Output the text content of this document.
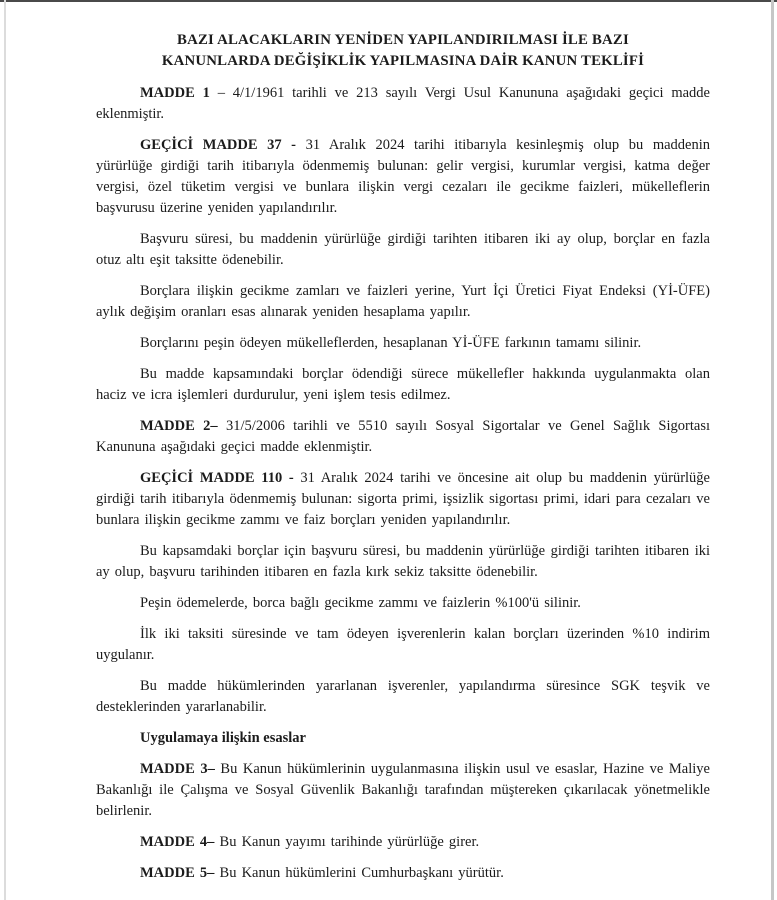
BAZI ALACAKLARIN YENİDEN YAPILANDIRILMASI İLE BAZI
KANUNLARDA DEĞİŞİKLİK YAPILMASINA DAİR KANUN TEKLİFİ

MADDE 1 – 4/1/1961 tarihli ve 213 sayılı Vergi Usul Kanununa aşağıdaki geçici madde eklenmiştir.

GEÇİCİ MADDE 37 - 31 Aralık 2024 tarihi itibarıyla kesinleşmiş olup bu maddenin yürürlüğe girdiği tarih itibarıyla ödenmemiş bulunan: gelir vergisi, kurumlar vergisi, katma değer vergisi, özel tüketim vergisi ve bunlara ilişkin vergi cezaları ile gecikme faizleri, mükelleflerin başvurusu üzerine yeniden yapılandırılır.

Başvuru süresi, bu maddenin yürürlüğe girdiği tarihten itibaren iki ay olup, borçlar en fazla otuz altı eşit taksitte ödenebilir.

Borçlara ilişkin gecikme zamları ve faizleri yerine, Yurt İçi Üretici Fiyat Endeksi (Yİ-ÜFE) aylık değişim oranları esas alınarak yeniden hesaplama yapılır.

Borçlarını peşin ödeyen mükelleflerden, hesaplanan Yİ-ÜFE farkının tamamı silinir.

Bu madde kapsamındaki borçlar ödendiği sürece mükellefler hakkında uygulanmakta olan haciz ve icra işlemleri durdurulur, yeni işlem tesis edilmez.

MADDE 2– 31/5/2006 tarihli ve 5510 sayılı Sosyal Sigortalar ve Genel Sağlık Sigortası Kanununa aşağıdaki geçici madde eklenmiştir.

GEÇİCİ MADDE 110 - 31 Aralık 2024 tarihi ve öncesine ait olup bu maddenin yürürlüğe girdiği tarih itibarıyla ödenmemiş bulunan: sigorta primi, işsizlik sigortası primi, idari para cezaları ve bunlara ilişkin gecikme zammı ve faiz borçları yeniden yapılandırılır.

Bu kapsamdaki borçlar için başvuru süresi, bu maddenin yürürlüğe girdiği tarihten itibaren iki ay olup, başvuru tarihinden itibaren en fazla kırk sekiz taksitte ödenebilir.

Peşin ödemelerde, borca bağlı gecikme zammı ve faizlerin %100'ü silinir.

İlk iki taksiti süresinde ve tam ödeyen işverenlerin kalan borçları üzerinden %10 indirim uygulanır.

Bu madde hükümlerinden yararlanan işverenler, yapılandırma süresince SGK teşvik ve desteklerinden yararlanabilir.

Uygulamaya ilişkin esaslar

MADDE 3– Bu Kanun hükümlerinin uygulanmasına ilişkin usul ve esaslar, Hazine ve Maliye Bakanlığı ile Çalışma ve Sosyal Güvenlik Bakanlığı tarafından müştereken çıkarılacak yönetmelikle belirlenir.

MADDE 4– Bu Kanun yayımı tarihinde yürürlüğe girer.

MADDE 5– Bu Kanun hükümlerini Cumhurbaşkanı yürütür.
